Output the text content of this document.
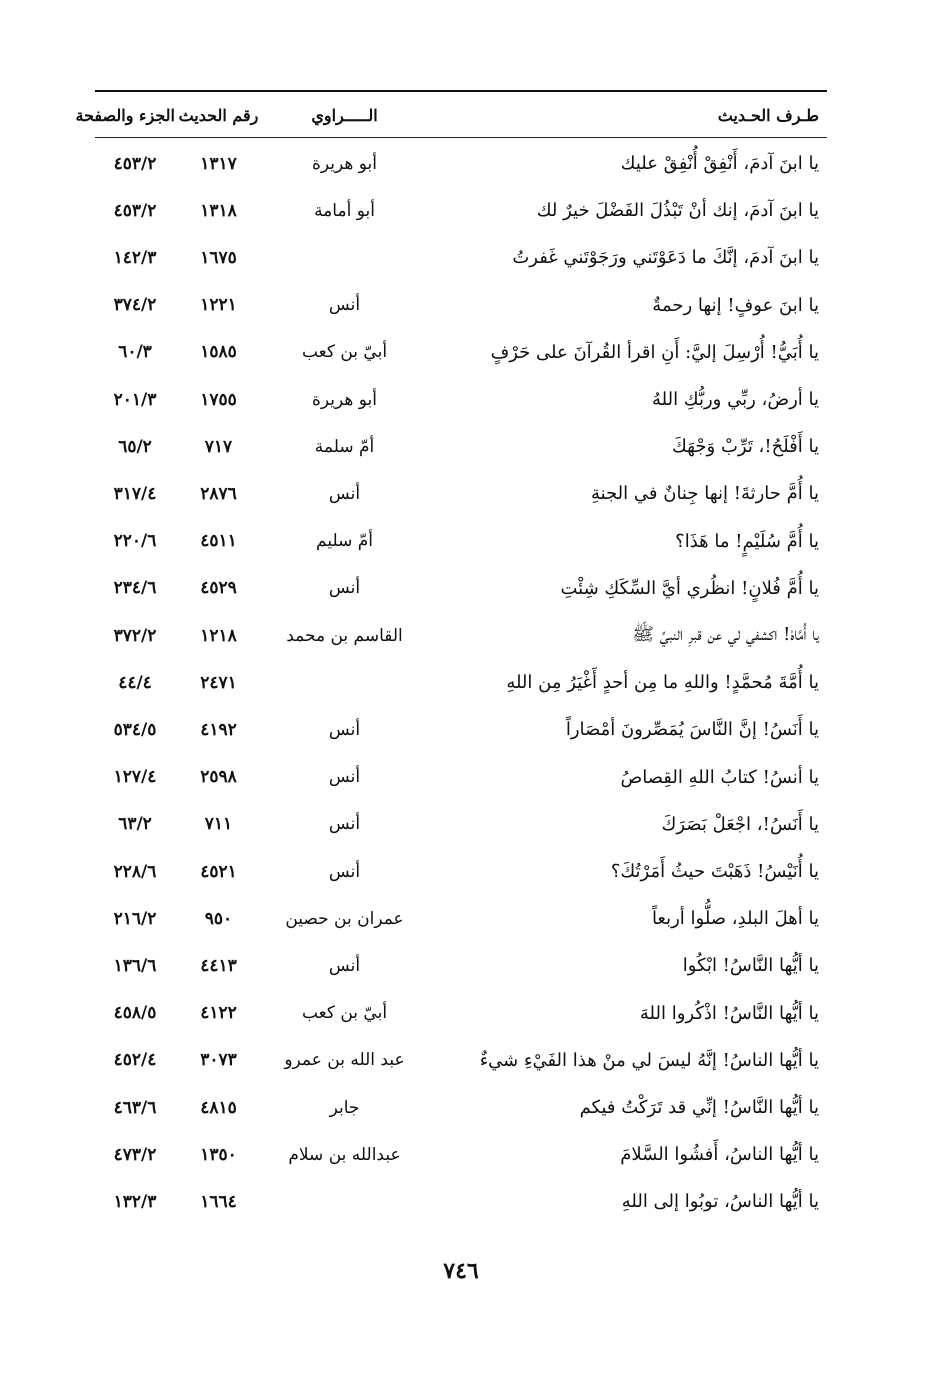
طـرف الحـديث
الـــــراوي
رقم الحديث
الجزء والصفحة
يا ابنَ آدمَ، أَنْفِقْ أُنْفِقْ عليك
أبو هريرة
١٣١٧
٤٥٣/٢
يا ابنَ آدمَ، إنك أنْ تَبْذُلَ الفَضْلَ خيرٌ لك
أبو أمامة
١٣١٨
٤٥٣/٢
يا ابنَ آدمَ، إنَّكَ ما دَعَوْتَني ورَجَوْتَني غَفرتُ
١٦٧٥
١٤٢/٣
يا ابنَ عوفٍ! إنها رحمةٌ
أنس
١٢٢١
٣٧٤/٢
يا أُبَيُّ! أُرْسِلَ إليَّ: أَنِ اقرأ القُرآنَ على حَرْفٍ
أبيّ بن كعب
١٥٨٥
٦٠/٣
يا أرضُ، ربِّي وربُّكِ اللهُ
أبو هريرة
١٧٥٥
٢٠١/٣
يا أَفْلَحُ!، تَرِّبْ وَجْهَكَ
أمّ سلمة
٧١٧
٦٥/٢
يا أُمَّ حارثةَ! إنها جِنانٌ في الجنةِ
أنس
٢٨٧٦
٣١٧/٤
يا أُمَّ سُلَيْمٍ! ما هَذَا؟
أمّ سليم
٤٥١١
٢٢٠/٦
يا أُمَّ فُلانٍ! انظُري أيَّ السِّكَكِ شِئْتِ
أنس
٤٥٢٩
٢٣٤/٦
يا أُمَّاهْ! اكشفي لي عن قبرِ النبيِّ ﷺ
القاسم بن محمد
١٢١٨
٣٧٢/٢
يا أُمَّةَ مُحمَّدٍ! واللهِ ما مِن أحدٍ أَغْيَرُ مِن اللهِ
٢٤٧١
٤٤/٤
يا أَنَسُ! إنَّ النَّاسَ يُمَصِّرونَ أمْصَاراً
أنس
٤١٩٢
٥٣٤/٥
يا أنسُ! كتابُ اللهِ القِصاصُ
أنس
٢٥٩٨
١٢٧/٤
يا أَنَسُ!، اجْعَلْ بَصَرَكَ
أنس
٧١١
٦٣/٢
يا أُنَيْسُ! ذَهَبْتَ حيثُ أَمَرْتُكَ؟
أنس
٤٥٢١
٢٢٨/٦
يا أهلَ البلدِ، صلُّوا أربعاً
عمران بن حصين
٩٥٠
٢١٦/٢
يا أيُّها النَّاسُ! ابْكُوا
أنس
٤٤١٣
١٣٦/٦
يا أيُّها النَّاسُ! اذْكُروا اللهَ
أبيّ بن كعب
٤١٢٢
٤٥٨/٥
يا أيُّها الناسُ! إنَّهُ ليسَ لي منْ هذا الفَيْءِ شيءٌ
عبد الله بن عمرو
٣٠٧٣
٤٥٢/٤
يا أيُّها النَّاسُ! إنِّي قد تَرَكْتُ فيكم
جابر
٤٨١٥
٤٦٣/٦
يا أيُّها الناسُ، أَفشُوا السَّلامَ
عبدالله بن سلام
١٣٥٠
٤٧٣/٢
يا أيُّها الناسُ، توبُوا إلى اللهِ
١٦٦٤
١٣٢/٣
٧٤٦
